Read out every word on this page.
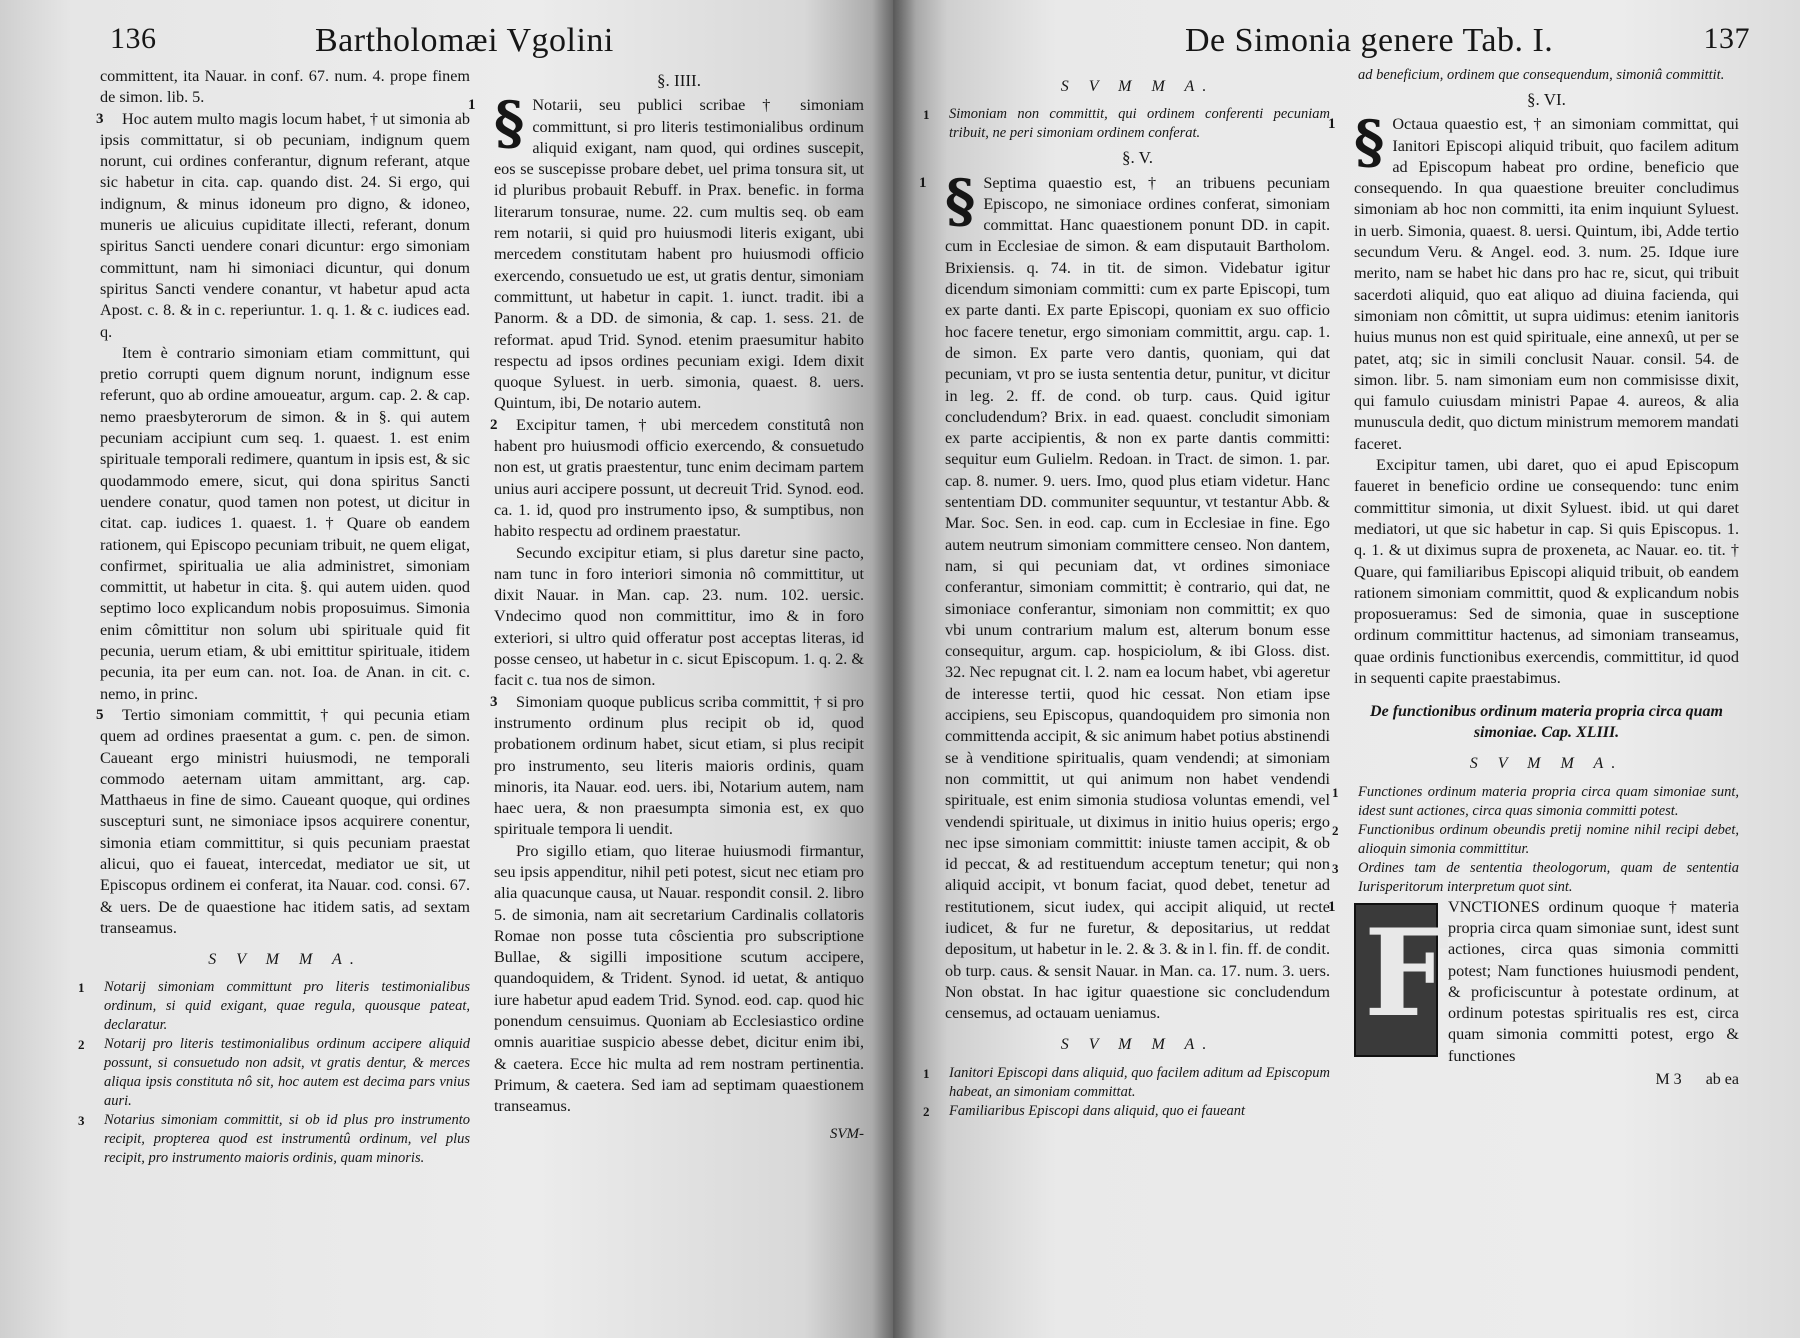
136	Bartholomæi Vgolini

committent, ita Nauar. in conf. 67. num. 4. prope finem de simon. lib. 5.

3 Hoc autem multo magis locum habet, † ut simonia ab ipsis committatur, si ob pecuniam, indignum quem norunt, cui ordines conferantur, dignum referant, atque sic habetur in cita. cap. quando dist. 24. Si ergo, qui indignum, & minus idoneum pro digno, & idoneo, muneris ue alicuius cupiditate illecti, referant, donum spiritus Sancti uendere conari dicuntur: ergo simoniam committunt, nam hi simoniaci dicuntur, qui donum spiritus Sancti vendere conantur, vt habetur apud acta Apost. c. 8. & in c. reperiuntur. 1. q. 1. & c. iudices ead. q.

Item è contrario simoniam etiam committunt, qui pretio corrupti quem dignum norunt, indignum esse referunt, quo ab ordine amoueatur, argum. cap. 2. & cap. nemo praesbyterorum de simon. & in §. qui autem pecuniam accipiunt cum seq. 1. quaest. 1. est enim spirituale temporali redimere, quantum in ipsis est, & sic quodammodo emere, sicut, qui dona spiritus Sancti uendere conatur, quod tamen non potest, ut dicitur in citat. cap. iudices 1. quaest. 1. † Quare ob eandem rationem, qui Episcopo pecuniam tribuit, ne quem eligat, confirmet, spiritualia ue alia administret, simoniam committit, ut habetur in cita. §. qui autem uiden. quod septimo loco explicandum nobis proposuimus. Simonia enim cômittitur non solum ubi spirituale quid fit pecunia, uerum etiam, & ubi emittitur spirituale, itidem pecunia, ita per eum can. not. Ioa. de Anan. in cit. c. nemo, in princ.

5 Tertio simoniam committit, † qui pecunia etiam quem ad ordines praesentat a gum. c. pen. de simon. Caueant ergo ministri huiusmodi, ne temporali commodo aeternam uitam ammittant, arg. cap. Matthaeus in fine de simo. Caueant quoque, qui ordines suscepturi sunt, ne simoniace ipsos acquirere conentur, simonia etiam committitur, si quis pecuniam praestat alicui, quo ei faueat, intercedat, mediator ue sit, ut Episcopus ordinem ei conferat, ita Nauar. cod. consi. 67. & uers. De de quaestione hac itidem satis, ad sextam transeamus.

S V M M A.

1 Notarij simoniam committunt pro literis testimonialibus ordinum, si quid exigant, quae regula, quousque pateat, declaratur.

2 Notarij pro literis testimonialibus ordinum accipere aliquid possunt, si consuetudo non adsit, vt gratis dentur, & merces aliqua ipsis constituta nô sit, hoc autem est decima pars vnius auri.

3 Notarius simoniam committit, si ob id plus pro instrumento recipit, propterea quod est instrumentû ordinum, vel plus recipit, pro instrumento maioris ordinis, quam minoris.

§. IIII.

1 § Notarii, seu publici scribae † simoniam committunt, si pro literis testimonialibus ordinum aliquid exigant, nam quod, qui ordines suscepit, eos se suscepisse probare debet, uel prima tonsura sit, ut id pluribus probauit Rebuff. in Prax. benefic. in forma literarum tonsurae, nume. 22. cum multis seq. ob eam rem notarii, si quid pro huiusmodi literis exigant, ubi mercedem constitutam habent pro huiusmodi officio exercendo, consuetudo ue est, ut gratis dentur, simoniam committunt, ut habetur in capit. 1. iunct. tradit. ibi a Panorm. & a DD. de simonia, & cap. 1. sess. 21. de reformat. apud Trid. Synod. etenim praesumitur habito respectu ad ipsos ordines pecuniam exigi. Idem dixit quoque Syluest. in uerb. simonia, quaest. 8. uers. Quintum, ibi, De notario autem.

2 Excipitur tamen, † ubi mercedem constitutâ non habent pro huiusmodi officio exercendo, & consuetudo non est, ut gratis praestentur, tunc enim decimam partem unius auri accipere possunt, ut decreuit Trid. Synod. eod. ca. 1. id, quod pro instrumento ipso, & sumptibus, non habito respectu ad ordinem praestatur.

Secundo excipitur etiam, si plus daretur sine pacto, nam tunc in foro interiori simonia nô committitur, ut dixit Nauar. in Man. cap. 23. num. 102. uersic. Vndecimo quod non committitur, imo & in foro exteriori, si ultro quid offeratur post acceptas literas, id posse censeo, ut habetur in c. sicut Episcopum. 1. q. 2. & facit c. tua nos de simon.

3 Simoniam quoque publicus scriba committit, † si pro instrumento ordinum plus recipit ob id, quod probationem ordinum habet, sicut etiam, si plus recipit pro instrumento, seu literis maioris ordinis, quam minoris, ita Nauar. eod. uers. ibi, Notarium autem, nam haec uera, & non praesumpta simonia est, ex quo spirituale tempora li uendit.

Pro sigillo etiam, quo literae huiusmodi firmantur, seu ipsis appenditur, nihil peti potest, sicut nec etiam pro alia quacunque causa, ut Nauar. respondit consil. 2. libro 5. de simonia, nam ait secretarium Cardinalis collatoris Romae non posse tuta côscientia pro subscriptione Bullae, & sigilli impositione scutum accipere, quandoquidem, & Trident. Synod. id uetat, & antiquo iure habetur apud eadem Trid. Synod. eod. cap. quod hic ponendum censuimus. Quoniam ab Ecclesiastico ordine omnis auaritiae suspicio abesse debet, dicitur enim ibi, & caetera. Ecce hic multa ad rem nostram pertinentia. Primum, & caetera. Sed iam ad septimam quaestionem transeamus.

SVM-
De Simonia genere Tab. I.	137
S V M M A.

1 Simoniam non committit, qui ordinem conferenti pecuniam tribuit, ne peri simoniam ordinem conferat.

§. V.

1 § Septima quaestio est, † an tribuens pecuniam Episcopo, ne simoniace ordines conferat, simoniam committat. Hanc quaestionem ponunt DD. in capit. cum in Ecclesiae de simon. & eam disputauit Bartholom. Brixiensis. q. 74. in tit. de simon. Videbatur igitur dicendum simoniam committi: cum ex parte Episcopi, tum ex parte danti. Ex parte Episcopi, quoniam ex suo officio hoc facere tenetur, ergo simoniam committit, argu. cap. 1. de simon. Ex parte vero dantis, quoniam, qui dat pecuniam, vt pro se iusta sententia detur, punitur, vt dicitur in leg. 2. ff. de cond. ob turp. caus. Quid igitur concludendum? Brix. in ead. quaest. concludit simoniam ex parte accipientis, & non ex parte dantis committi: sequitur eum Gulielm. Redoan. in Tract. de simon. 1. par. cap. 8. numer. 9. uers. Imo, quod plus etiam videtur. Hanc sententiam DD. communiter sequuntur, vt testantur Abb. & Mar. Soc. Sen. in eod. cap. cum in Ecclesiae in fine. Ego autem neutrum simoniam committere censeo. Non dantem, nam, si qui pecuniam dat, vt ordines simoniace conferantur, simoniam committit; è contrario, qui dat, ne simoniace conferantur, simoniam non committit; ex quo vbi unum contrarium malum est, alterum bonum esse consequitur, argum. cap. hospiciolum, & ibi Gloss. dist. 32. Nec repugnat cit. l. 2. nam ea locum habet, vbi ageretur de interesse tertii, quod hic cessat. Non etiam ipse accipiens, seu Episcopus, quandoquidem pro simonia non committenda accipit, & sic animum habet potius abstinendi se à venditione spiritualis, quam vendendi; at simoniam non committit, ut qui animum non habet vendendi spirituale, est enim simonia studiosa voluntas emendi, vel vendendi spirituale, ut diximus in initio huius operis; ergo nec ipse simoniam committit: iniuste tamen accipit, & ob id peccat, & ad restituendum acceptum tenetur; qui non aliquid accipit, vt bonum faciat, quod debet, tenetur ad restitutionem, sicut iudex, qui accipit aliquid, ut recte iudicet, & fur ne furetur, & depositarius, ut reddat depositum, ut habetur in le. 2. & 3. & in l. fin. ff. de condit. ob turp. caus. & sensit Nauar. in Man. ca. 17. num. 3. uers. Non obstat. In hac igitur quaestione sic concludendum censemus, ad octauam ueniamus.

S V M M A.

1 Ianitori Episcopi dans aliquid, quo facilem aditum ad Episcopum habeat, an simoniam committat.

2 Familiaribus Episcopi dans aliquid, quo ei faueant

ad beneficium, ordinem que consequendum, simoniâ committit.

§. VI.

1 § Octaua quaestio est, † an simoniam committat, qui Ianitori Episcopi aliquid tribuit, quo facilem aditum ad Episcopum habeat pro ordine, beneficio que consequendo. In qua quaestione breuiter concludimus simoniam ab hoc non committi, ita enim inquiunt Syluest. in uerb. Simonia, quaest. 8. uersi. Quintum, ibi, Adde tertio secundum Veru. & Angel. eod. 3. num. 25. Idque iure merito, nam se habet hic dans pro hac re, sicut, qui tribuit sacerdoti aliquid, quo eat aliquo ad diuina facienda, qui simoniam non cômittit, ut supra uidimus: etenim ianitoris huius munus non est quid spirituale, eine annexû, ut per se patet, atq; sic in simili conclusit Nauar. consil. 54. de simon. libr. 5. nam simoniam eum non commisisse dixit, qui famulo cuiusdam ministri Papae 4. aureos, & alia munuscula dedit, quo dictum ministrum memorem mandati faceret.

Excipitur tamen, ubi daret, quo ei apud Episcopum faueret in beneficio ordine ue consequendo: tunc enim committitur simonia, ut dixit Syluest. ibid. ut qui daret mediatori, ut que sic habetur in cap. Si quis Episcopus. 1. q. 1. & ut diximus supra de proxeneta, ac Nauar. eo. tit. † Quare, qui familiaribus Episcopi aliquid tribuit, ob eandem rationem simoniam committit, quod & explicandum nobis proposueramus: Sed de simonia, quae in susceptione ordinum committitur hactenus, ad simoniam transeamus, quae ordinis functionibus exercendis, committitur, id quod in sequenti capite praestabimus.

De functionibus ordinum materia propria circa quam simoniae. Cap. XLIII.
S V M M A.

1 Functiones ordinum materia propria circa quam simoniae sunt, idest sunt actiones, circa quas simonia committi potest.

2 Functionibus ordinum obeundis pretij nomine nihil recipi debet, alioquin simonia committitur.

3 Ordines tam de sententia theologorum, quam de sententia Iurisperitorum interpretum quot sint.

1 F
VNCTIONES ordinum quoque † materia propria circa quam simoniae sunt, idest sunt actiones, circa quas simonia committi potest; Nam functiones huiusmodi pendent, & proficiscuntur à potestate ordinum, at ordinum potestas spiritualis res est, circa quam simonia committi potest, ergo & functiones

M 3 ab ea
